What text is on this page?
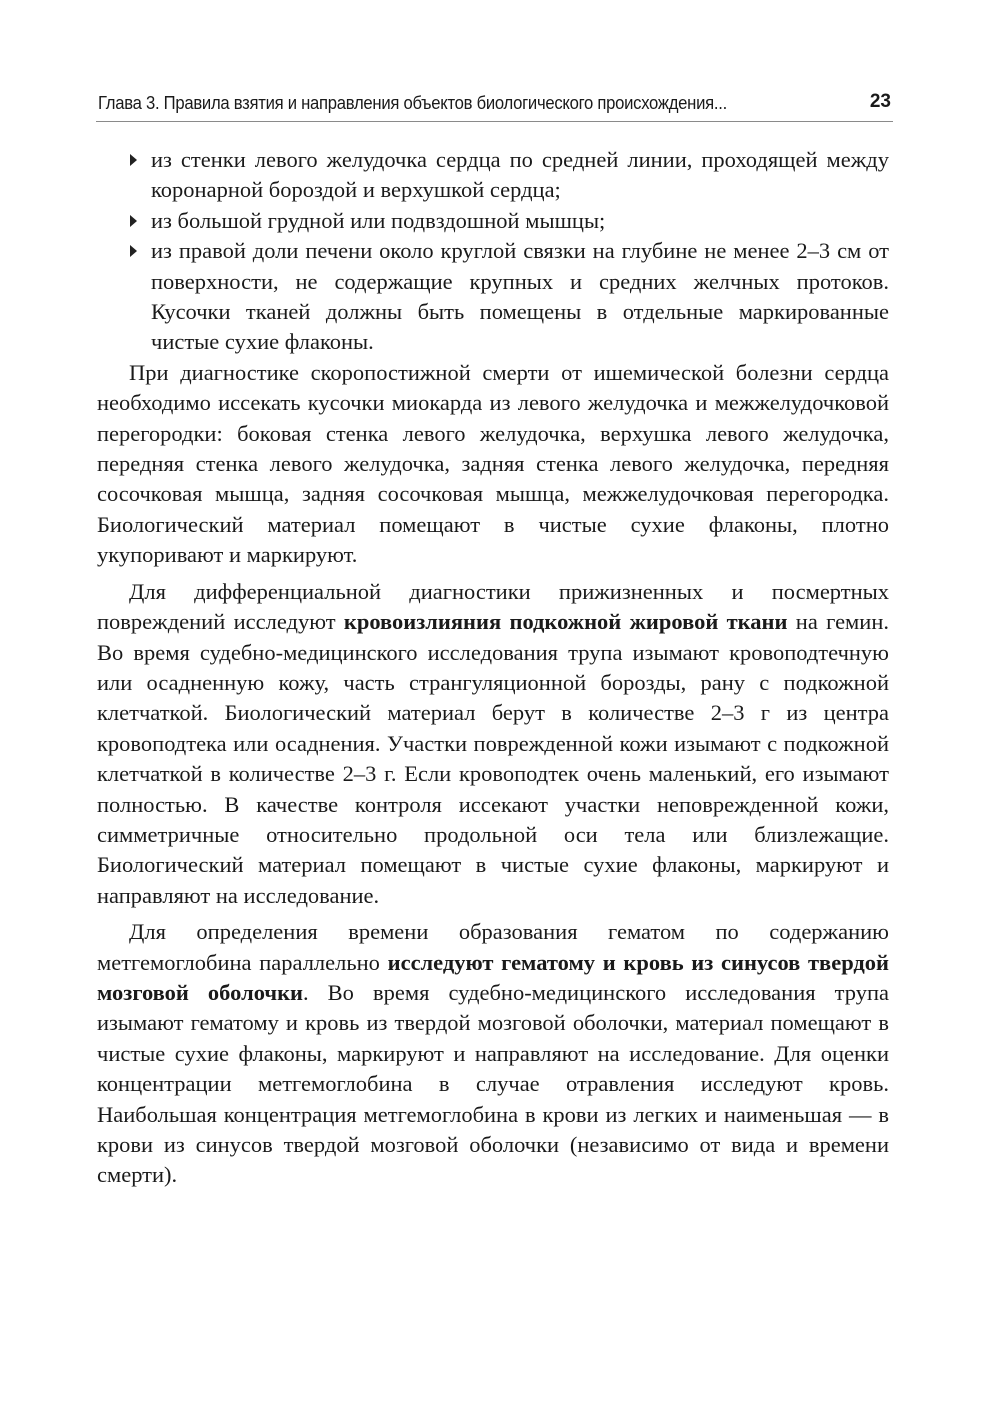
Глава 3. Правила взятия и направления объектов биологического происхождения...	23
из стенки левого желудочка сердца по средней линии, проходящей между коронарной бороздой и верхушкой сердца;
из большой грудной или подвздошной мышцы;
из правой доли печени около круглой связки на глубине не менее 2–3 см от поверхности, не содержащие крупных и средних желчных протоков. Кусочки тканей должны быть помещены в отдельные маркированные чистые сухие флаконы.

При диагностике скоропостижной смерти от ишемической болезни сердца необходимо иссекать кусочки миокарда из левого желудочка и межжелудочковой перегородки: боковая стенка левого желудочка, верхушка левого желудочка, передняя стенка левого желудочка, задняя стенка левого желудочка, передняя сосочковая мышца, задняя сосочковая мышца, межжелудочковая перегородка. Биологический материал помещают в чистые сухие флаконы, плотно укупоривают и маркируют.

Для дифференциальной диагностики прижизненных и посмертных повреждений исследуют кровоизлияния подкожной жировой ткани на гемин. Во время судебно-медицинского исследования трупа изымают кровоподтечную или осадненную кожу, часть странгуляционной борозды, рану с подкожной клетчаткой. Биологический материал берут в количестве 2–3 г из центра кровоподтека или осаднения. Участки поврежденной кожи изымают с подкожной клетчаткой в количестве 2–3 г. Если кровоподтек очень маленький, его изымают полностью. В качестве контроля иссекают участки неповрежденной кожи, симметричные относительно продольной оси тела или близлежащие. Биологический материал помещают в чистые сухие флаконы, маркируют и направляют на исследование.

Для определения времени образования гематом по содержанию метгемоглобина параллельно исследуют гематому и кровь из синусов твердой мозговой оболочки. Во время судебно-медицинского исследования трупа изымают гематому и кровь из твердой мозговой оболочки, материал помещают в чистые сухие флаконы, маркируют и направляют на исследование. Для оценки концентрации метгемоглобина в случае отравления исследуют кровь. Наибольшая концентрация метгемоглобина в крови из легких и наименьшая — в крови из синусов твердой мозговой оболочки (независимо от вида и времени смерти).
